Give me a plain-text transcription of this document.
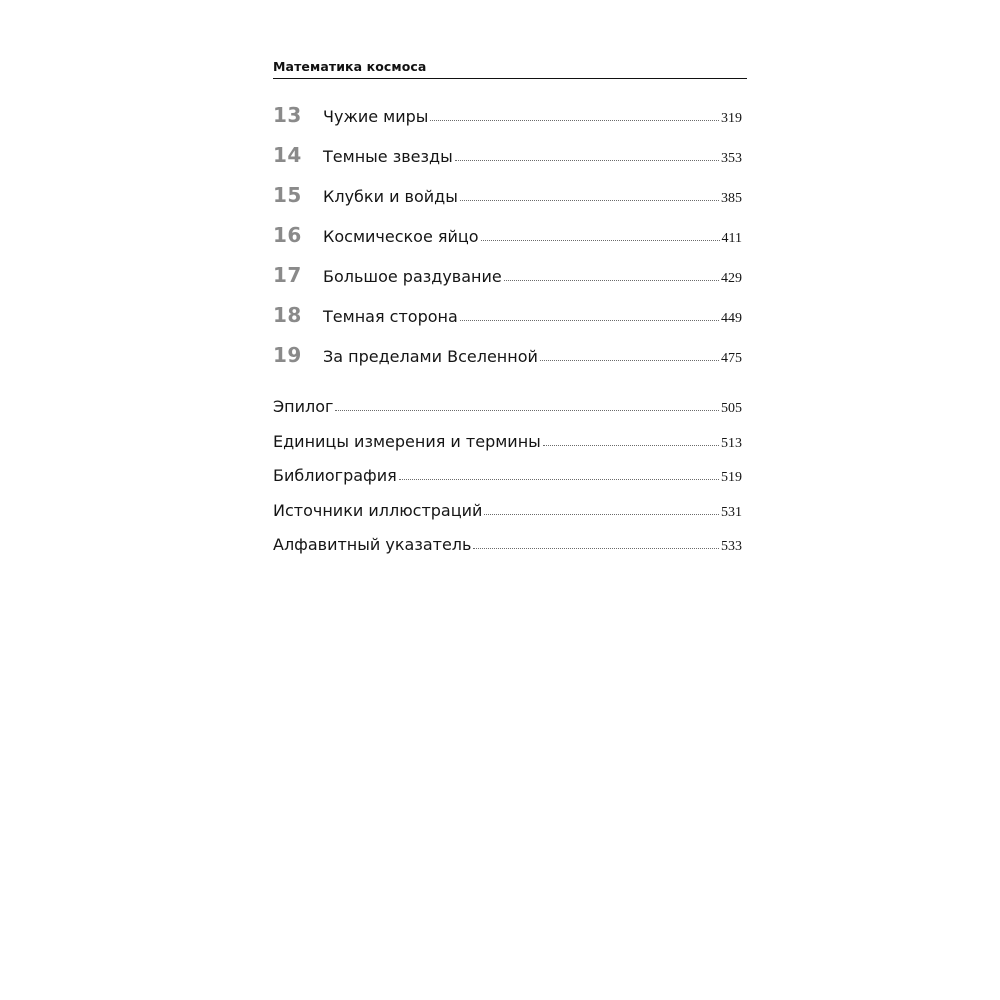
Математика космоса
13	Чужие миры	319
14	Темные звезды	353
15	Клубки и войды	385
16	Космическое яйцо	411
17	Большое раздувание	429
18	Темная сторона	449
19	За пределами Вселенной	475
Эпилог	505
Единицы измерения и термины	513
Библиография	519
Источники иллюстраций	531
Алфавитный указатель	533
